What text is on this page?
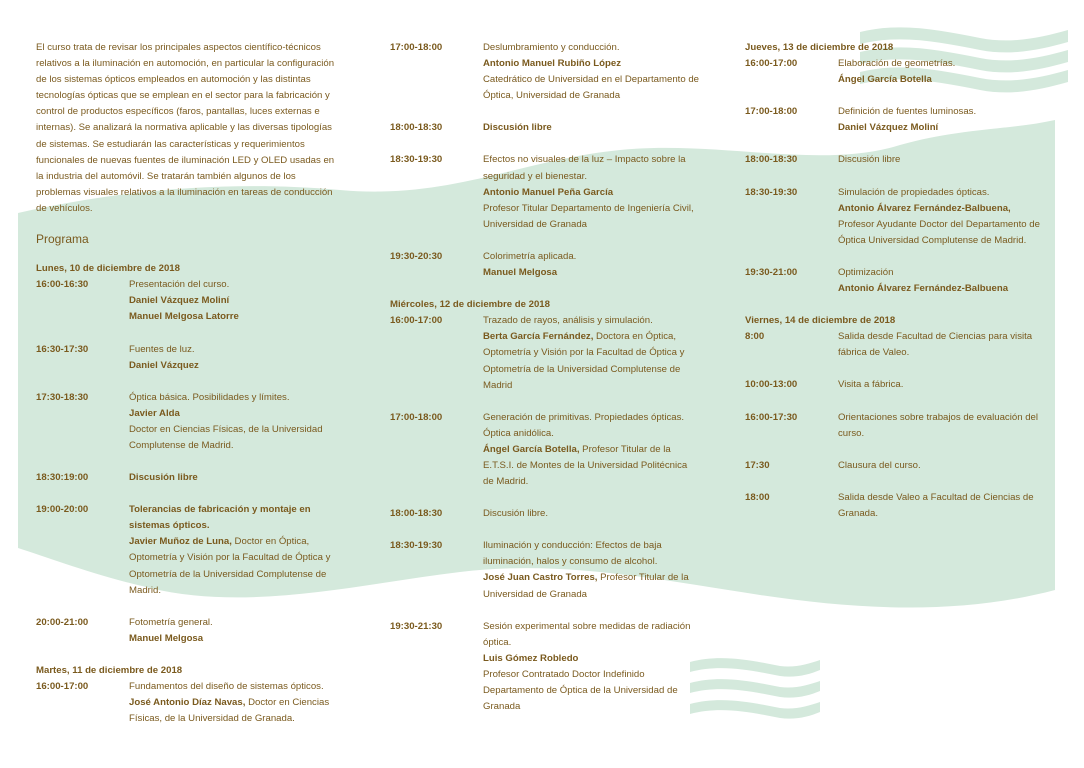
El curso trata de revisar los principales aspectos científico-técnicos relativos a la iluminación en automoción, en particular la configuración de los sistemas ópticos empleados en automoción y las distintas tecnologías ópticas que se emplean en el sector para la fabricación y control de productos específicos (faros, pantallas, luces externas e internas). Se analizará la normativa aplicable y las diversas tipologías de sistemas. Se estudiarán las características y requerimientos funcionales de nuevas fuentes de iluminación LED y OLED usadas en la industria del automóvil. Se tratarán también algunos de los problemas visuales relativos a la iluminación en tareas de conducción de vehículos.

Programa
Lunes, 10 de diciembre de 2018
16:00-16:30	Presentación del curso.
Daniel Vázquez Moliní
Manuel Melgosa Latorre
16:30-17:30	Fuentes de luz.
Daniel Vázquez
17:30-18:30	Óptica básica. Posibilidades y límites.
Javier Alda
Doctor en Ciencias Físicas, de la Universidad Complutense de Madrid.
18:30:19:00	Discusión libre
19:00-20:00	Tolerancias de fabricación y montaje en sistemas ópticos.
Javier Muñoz de Luna, Doctor en Óptica, Optometría y Visión por la Facultad de Óptica y Optometría de la Universidad Complutense de Madrid.
20:00-21:00	Fotometría general.
Manuel Melgosa
Martes, 11 de diciembre de 2018
16:00-17:00	Fundamentos del diseño de sistemas ópticos.
José Antonio Díaz Navas, Doctor en Ciencias Físicas, de la Universidad de Granada.
17:00-18:00	Deslumbramiento y conducción.
Antonio Manuel Rubiño López
Catedrático de Universidad en el Departamento de Óptica, Universidad de Granada
18:00-18:30	Discusión libre
18:30-19:30	Efectos no visuales de la luz – Impacto sobre la seguridad y el bienestar.
Antonio Manuel Peña García
Profesor Titular Departamento de Ingeniería Civil, Universidad de Granada
19:30-20:30	Colorimetría aplicada.
Manuel Melgosa
Miércoles, 12 de diciembre de 2018
16:00-17:00	Trazado de rayos, análisis y simulación.
Berta García Fernández, Doctora en Óptica, Optometría y Visión por la Facultad de Óptica y Optometría de la Universidad Complutense de Madrid
17:00-18:00	Generación de primitivas. Propiedades ópticas. Óptica anidólica.
Ángel García Botella, Profesor Titular de la E.T.S.I. de Montes de la Universidad Politécnica de Madrid.
18:00-18:30	Discusión libre.
18:30-19:30	Iluminación y conducción: Efectos de baja iluminación, halos y consumo de alcohol.
José Juan Castro Torres, Profesor Titular de la Universidad de Granada
19:30-21:30	Sesión experimental sobre medidas de radiación óptica.
Luis Gómez Robledo
Profesor Contratado Doctor Indefinido Departamento de Óptica de la Universidad de Granada
Jueves, 13 de diciembre de 2018
16:00-17:00	Elaboración de geometrías.
Ángel García Botella
17:00-18:00	Definición de fuentes luminosas.
Daniel Vázquez Moliní
18:00-18:30	Discusión libre
18:30-19:30	Simulación de propiedades ópticas.
Antonio Álvarez Fernández-Balbuena,
Profesor Ayudante Doctor del Departamento de Óptica Universidad Complutense de Madrid.
19:30-21:00	Optimización
Antonio Álvarez Fernández-Balbuena
Viernes, 14 de diciembre de 2018
8:00	Salida desde Facultad de Ciencias para visita fábrica de Valeo.
10:00-13:00	Visita a fábrica.
16:00-17:30	Orientaciones sobre trabajos de evaluación del curso.
17:30	Clausura del curso.
18:00	Salida desde Valeo a Facultad de Ciencias de Granada.
